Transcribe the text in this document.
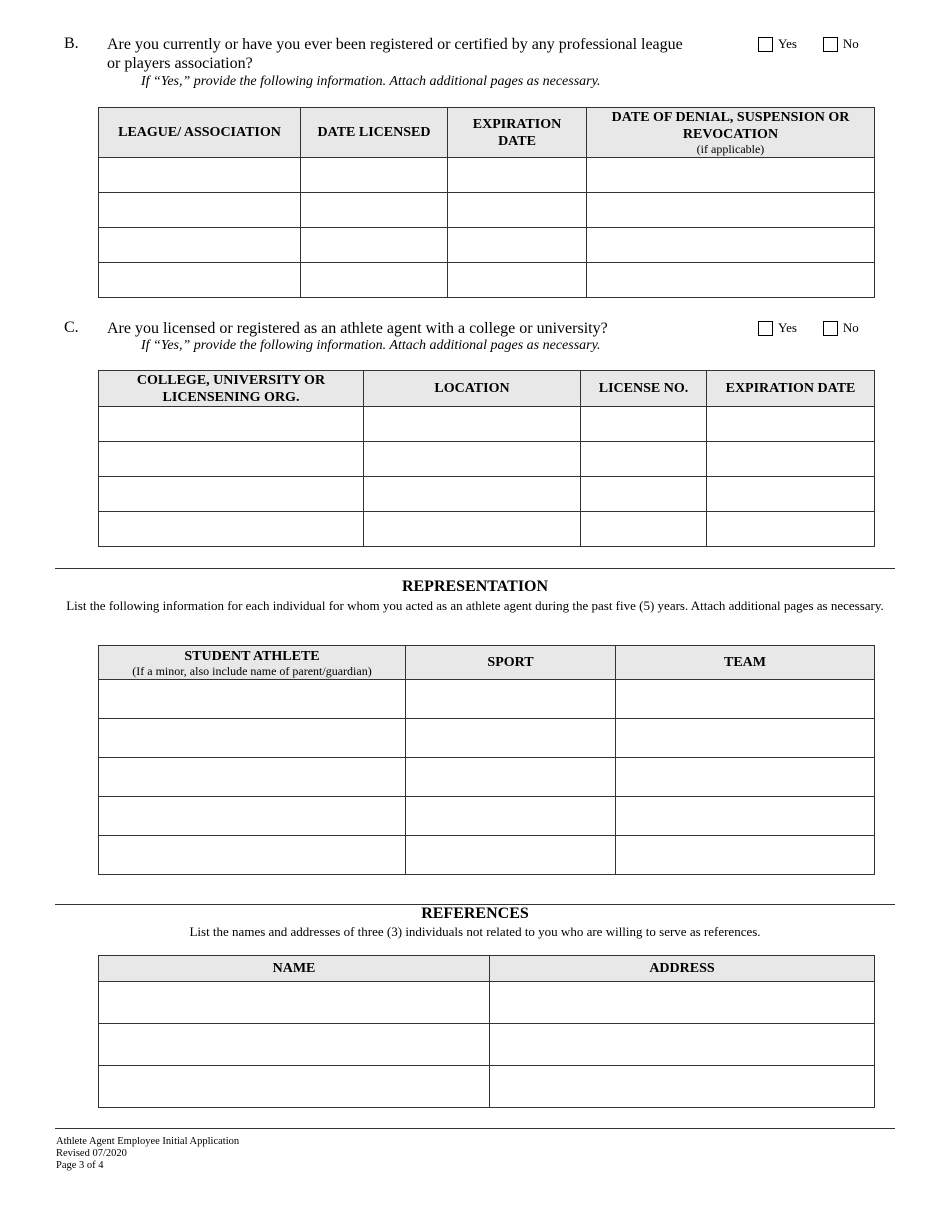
B. Are you currently or have you ever been registered or certified by any professional league
or players association?
Yes	No
If “Yes,” provide the following information. Attach additional pages as necessary.
LEAGUE/ ASSOCIATION	DATE LICENSED	EXPIRATION DATE	DATE OF DENIAL, SUSPENSION OR REVOCATION
(if applicable)

C. Are you licensed or registered as an athlete agent with a college or university?	Yes	No
If “Yes,” provide the following information. Attach additional pages as necessary.
COLLEGE, UNIVERSITY OR LICENSENING ORG.	LOCATION	LICENSE NO.	EXPIRATION DATE

REPRESENTATION
List the following information for each individual for whom you acted as an athlete agent during the past five (5) years. Attach additional pages as necessary.
STUDENT ATHLETE
(If a minor, also include name of parent/guardian)	SPORT	TEAM

REFERENCES
List the names and addresses of three (3) individuals not related to you who are willing to serve as references.
NAME	ADDRESS

Athlete Agent Employee Initial Application
Revised 07/2020
Page 3 of 4
